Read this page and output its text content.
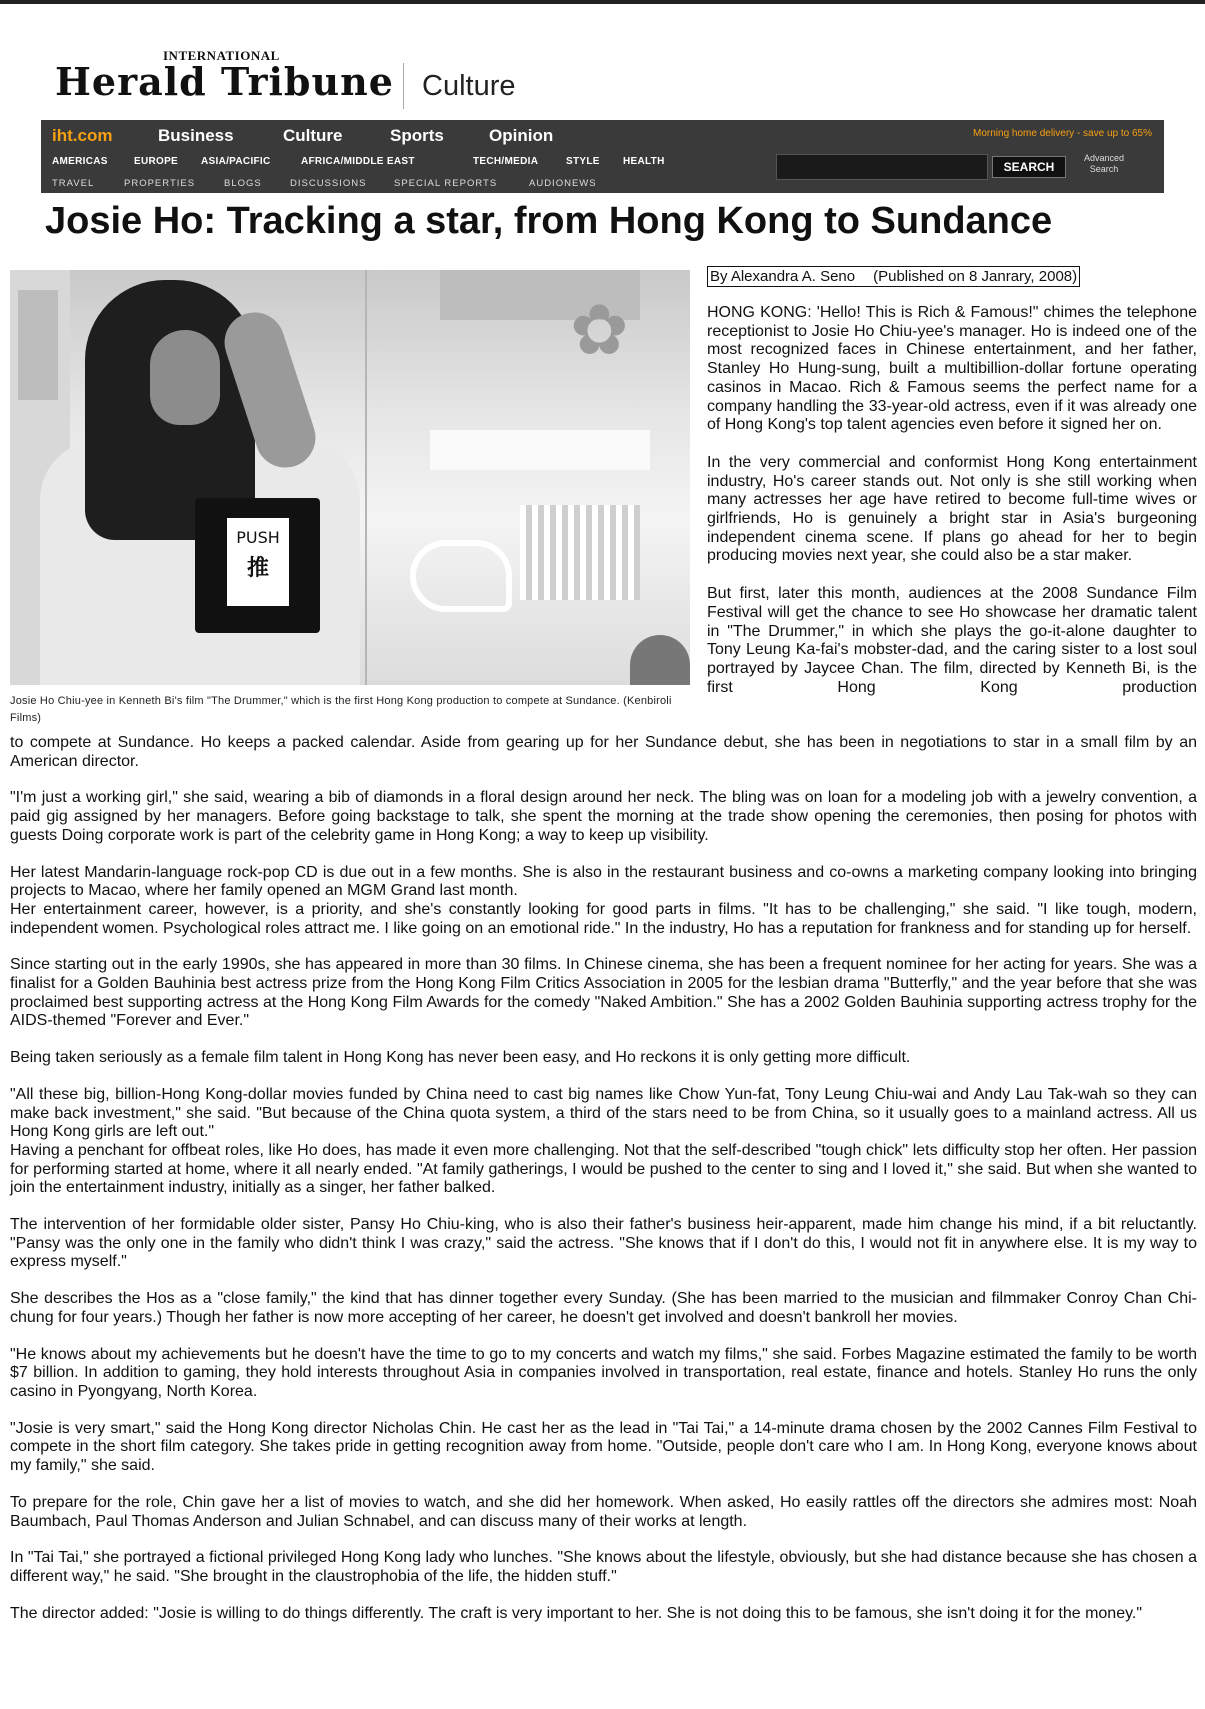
INTERNATIONAL
Herald Tribune Culture
iht.com	Business	Culture	Sports	Opinion	Morning home delivery - save up to 65%
AMERICAS	EUROPE ASIA/PACIFIC	AFRICA/MIDDLE EAST	TECH/MEDIA	STYLE HEALTH
TRAVEL	PROPERTIES	BLOGS	DISCUSSIONS	SPECIAL REPORTS	AUDIONEWS
SEARCH
Advanced Search
Josie Ho: Tracking a star, from Hong Kong to Sundance
✿
PUSH
推
Josie Ho Chiu-yee in Kenneth Bi's film "The Drummer," which is the first Hong Kong production to compete at Sundance. (Kenbiroli Films)
By Alexandra A. Seno (Published on 8 Janrary, 2008)

HONG KONG: 'Hello! This is Rich & Famous!" chimes the telephone receptionist to Josie Ho Chiu-yee's manager. Ho is indeed one of the most recognized faces in Chinese entertainment, and her father, Stanley Ho Hung-sung, built a multibillion-dollar fortune operating casinos in Macao. Rich & Famous seems the perfect name for a company handling the 33-year-old actress, even if it was already one of Hong Kong's top talent agencies even before it signed her on.

In the very commercial and conformist Hong Kong entertainment industry, Ho's career stands out. Not only is she still working when many actresses her age have retired to become full-time wives or girlfriends, Ho is genuinely a bright star in Asia's burgeoning independent cinema scene. If plans go ahead for her to begin producing movies next year, she could also be a star maker.

But first, later this month, audiences at the 2008 Sundance Film Festival will get the chance to see Ho showcase her dramatic talent in "The Drummer," in which she plays the go-it-alone daughter to Tony Leung Ka-fai's mobster-dad, and the caring sister to a lost soul portrayed by Jaycee Chan. The film, directed by Kenneth Bi, is the first Hong Kong production

to compete at Sundance. Ho keeps a packed calendar. Aside from gearing up for her Sundance debut, she has been in negotiations to star in a small film by an American director.

"I'm just a working girl," she said, wearing a bib of diamonds in a floral design around her neck. The bling was on loan for a modeling job with a jewelry convention, a paid gig assigned by her managers. Before going backstage to talk, she spent the morning at the trade show opening the ceremonies, then posing for photos with guests Doing corporate work is part of the celebrity game in Hong Kong; a way to keep up visibility.

Her latest Mandarin-language rock-pop CD is due out in a few months. She is also in the restaurant business and co-owns a marketing company looking into bringing projects to Macao, where her family opened an MGM Grand last month.

Her entertainment career, however, is a priority, and she's constantly looking for good parts in films. "It has to be challenging," she said. "I like tough, modern, independent women. Psychological roles attract me. I like going on an emotional ride." In the industry, Ho has a reputation for frankness and for standing up for herself.

Since starting out in the early 1990s, she has appeared in more than 30 films. In Chinese cinema, she has been a frequent nominee for her acting for years. She was a finalist for a Golden Bauhinia best actress prize from the Hong Kong Film Critics Association in 2005 for the lesbian drama "Butterfly," and the year before that she was proclaimed best supporting actress at the Hong Kong Film Awards for the comedy "Naked Ambition." She has a 2002 Golden Bauhinia supporting actress trophy for the AIDS-themed "Forever and Ever."

Being taken seriously as a female film talent in Hong Kong has never been easy, and Ho reckons it is only getting more difficult.

"All these big, billion-Hong Kong-dollar movies funded by China need to cast big names like Chow Yun-fat, Tony Leung Chiu-wai and Andy Lau Tak-wah so they can make back investment," she said. "But because of the China quota system, a third of the stars need to be from China, so it usually goes to a mainland actress. All us Hong Kong girls are left out."

Having a penchant for offbeat roles, like Ho does, has made it even more challenging. Not that the self-described "tough chick" lets difficulty stop her often. Her passion for performing started at home, where it all nearly ended. "At family gatherings, I would be pushed to the center to sing and I loved it," she said. But when she wanted to join the entertainment industry, initially as a singer, her father balked.

The intervention of her formidable older sister, Pansy Ho Chiu-king, who is also their father's business heir-apparent, made him change his mind, if a bit reluctantly. "Pansy was the only one in the family who didn't think I was crazy," said the actress. "She knows that if I don't do this, I would not fit in anywhere else. It is my way to express myself."

She describes the Hos as a "close family," the kind that has dinner together every Sunday. (She has been married to the musician and filmmaker Conroy Chan Chi-chung for four years.) Though her father is now more accepting of her career, he doesn't get involved and doesn't bankroll her movies.

"He knows about my achievements but he doesn't have the time to go to my concerts and watch my films," she said. Forbes Magazine estimated the family to be worth $7 billion. In addition to gaming, they hold interests throughout Asia in companies involved in transportation, real estate, finance and hotels. Stanley Ho runs the only casino in Pyongyang, North Korea.

"Josie is very smart," said the Hong Kong director Nicholas Chin. He cast her as the lead in "Tai Tai," a 14-minute drama chosen by the 2002 Cannes Film Festival to compete in the short film category. She takes pride in getting recognition away from home. "Outside, people don't care who I am. In Hong Kong, everyone knows about my family," she said.

To prepare for the role, Chin gave her a list of movies to watch, and she did her homework. When asked, Ho easily rattles off the directors she admires most: Noah Baumbach, Paul Thomas Anderson and Julian Schnabel, and can discuss many of their works at length.

In "Tai Tai," she portrayed a fictional privileged Hong Kong lady who lunches. "She knows about the lifestyle, obviously, but she had distance because she has chosen a different way," he said. "She brought in the claustrophobia of the life, the hidden stuff."

The director added: "Josie is willing to do things differently. The craft is very important to her. She is not doing this to be famous, she isn't doing it for the money."
